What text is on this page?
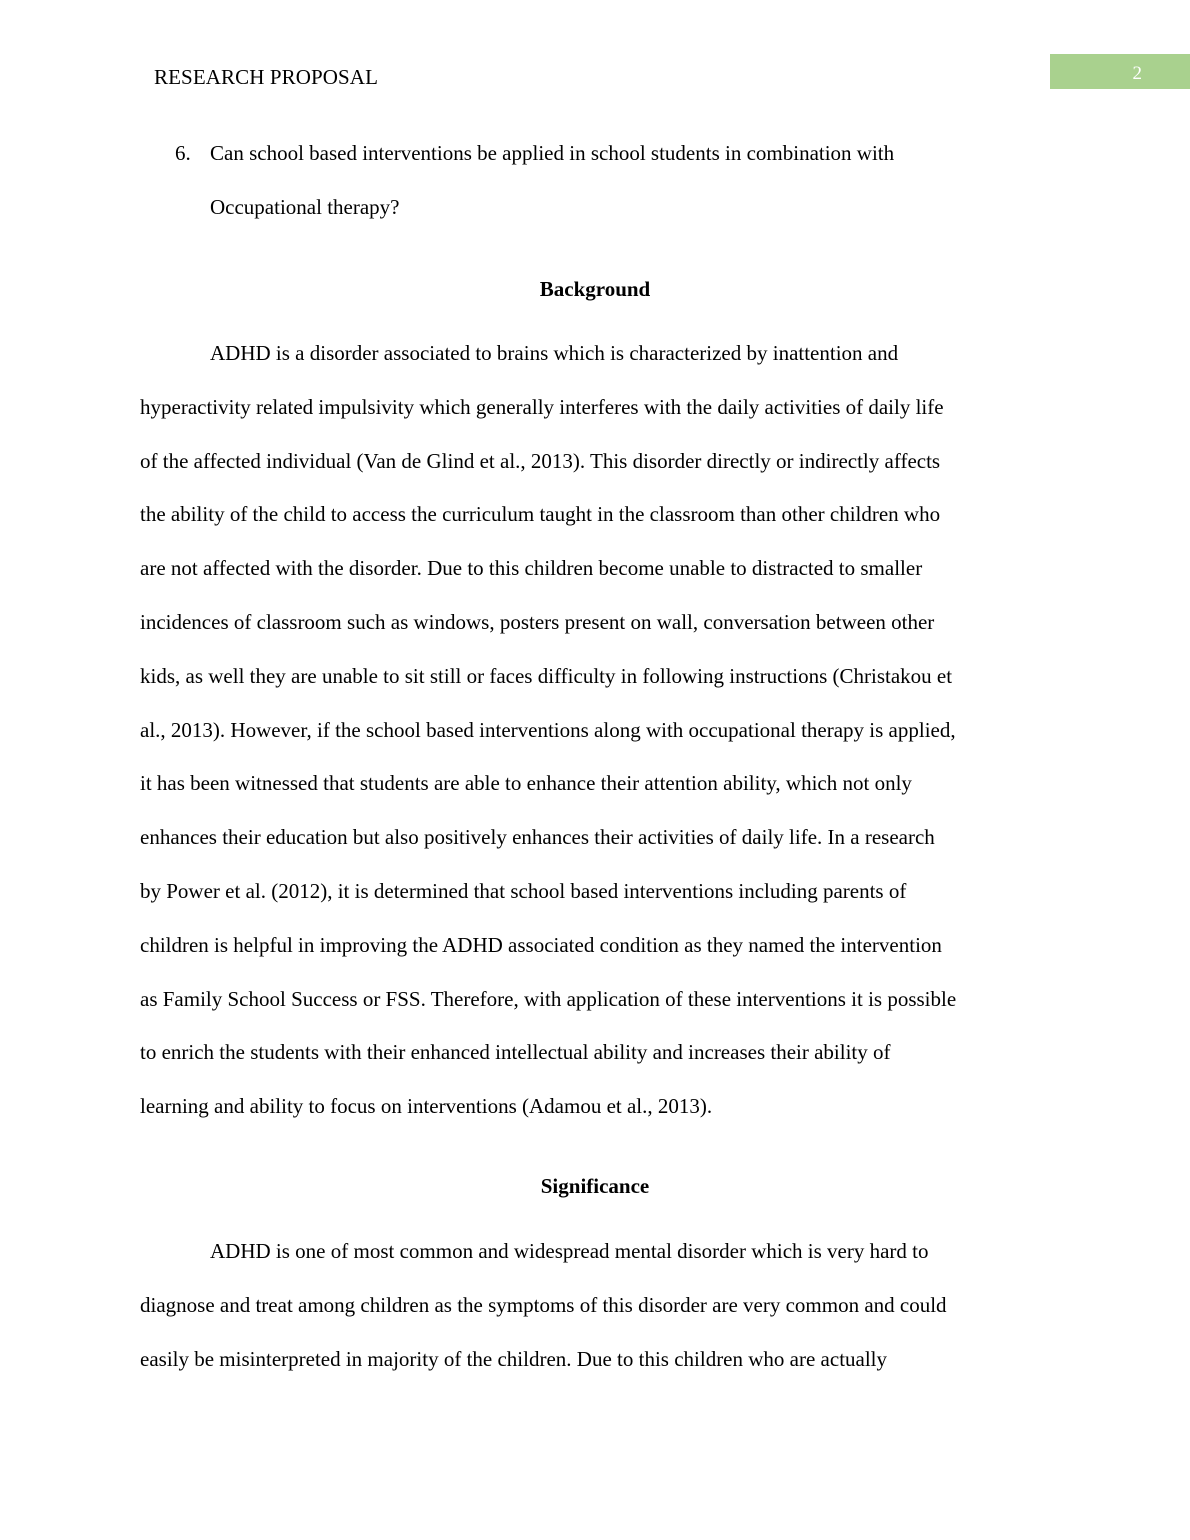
RESEARCH PROPOSAL	2
6. Can school based interventions be applied in school students in combination with
Occupational therapy?
Background

ADHD is a disorder associated to brains which is characterized by inattention and
hyperactivity related impulsivity which generally interferes with the daily activities of daily life
of the affected individual (Van de Glind et al., 2013). This disorder directly or indirectly affects
the ability of the child to access the curriculum taught in the classroom than other children who
are not affected with the disorder. Due to this children become unable to distracted to smaller
incidences of classroom such as windows, posters present on wall, conversation between other
kids, as well they are unable to sit still or faces difficulty in following instructions (Christakou et
al., 2013). However, if the school based interventions along with occupational therapy is applied,
it has been witnessed that students are able to enhance their attention ability, which not only
enhances their education but also positively enhances their activities of daily life. In a research
by Power et al. (2012), it is determined that school based interventions including parents of
children is helpful in improving the ADHD associated condition as they named the intervention
as Family School Success or FSS. Therefore, with application of these interventions it is possible
to enrich the students with their enhanced intellectual ability and increases their ability of
learning and ability to focus on interventions (Adamou et al., 2013).

Significance

ADHD is one of most common and widespread mental disorder which is very hard to
diagnose and treat among children as the symptoms of this disorder are very common and could
easily be misinterpreted in majority of the children. Due to this children who are actually
